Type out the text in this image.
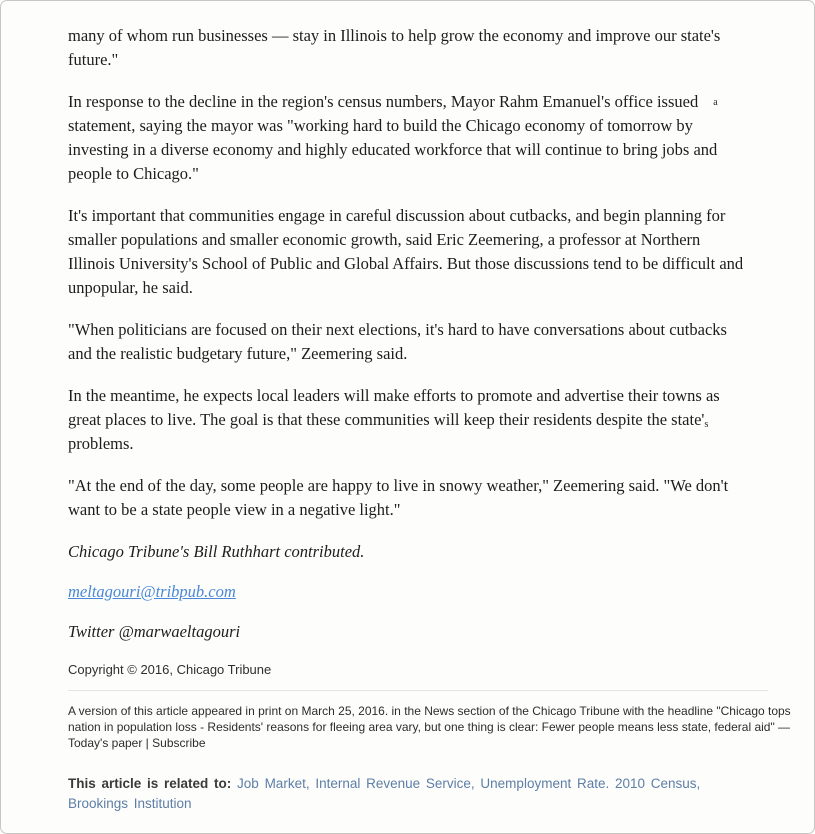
many of whom run businesses — stay in Illinois to help grow the economy and improve our state's
future."
In response to the decline in the region's census numbers, Mayor Rahm Emanuel's office issued a
statement, saying the mayor was "working hard to build the Chicago economy of tomorrow by
investing in a diverse economy and highly educated workforce that will continue to bring jobs and
people to Chicago."
It's important that communities engage in careful discussion about cutbacks, and begin planning for
smaller populations and smaller economic growth, said Eric Zeemering, a professor at Northern
Illinois University's School of Public and Global Affairs. But those discussions tend to be difficult and
unpopular, he said.
"When politicians are focused on their next elections, it's hard to have conversations about cutbacks
and the realistic budgetary future," Zeemering said.
In the meantime, he expects local leaders will make efforts to promote and advertise their towns as
great places to live. The goal is that these communities will keep their residents despite the state's
problems.
"At the end of the day, some people are happy to live in snowy weather," Zeemering said. "We don't
want to be a state people view in a negative light."
Chicago Tribune's Bill Ruthhart contributed.
meltagouri@tribpub.com
Twitter @marwaeltagouri
Copyright © 2016, Chicago Tribune
A version of this article appeared in print on March 25, 2016. in the News section of the Chicago Tribune with the headline "Chicago tops
nation in population loss - Residents' reasons for fleeing area vary, but one thing is clear: Fewer people means less state, federal aid" —
Today's paper | Subscribe
This article is related to: Job Market, Internal Revenue Service, Unemployment Rate. 2010 Census, Brookings Institution
